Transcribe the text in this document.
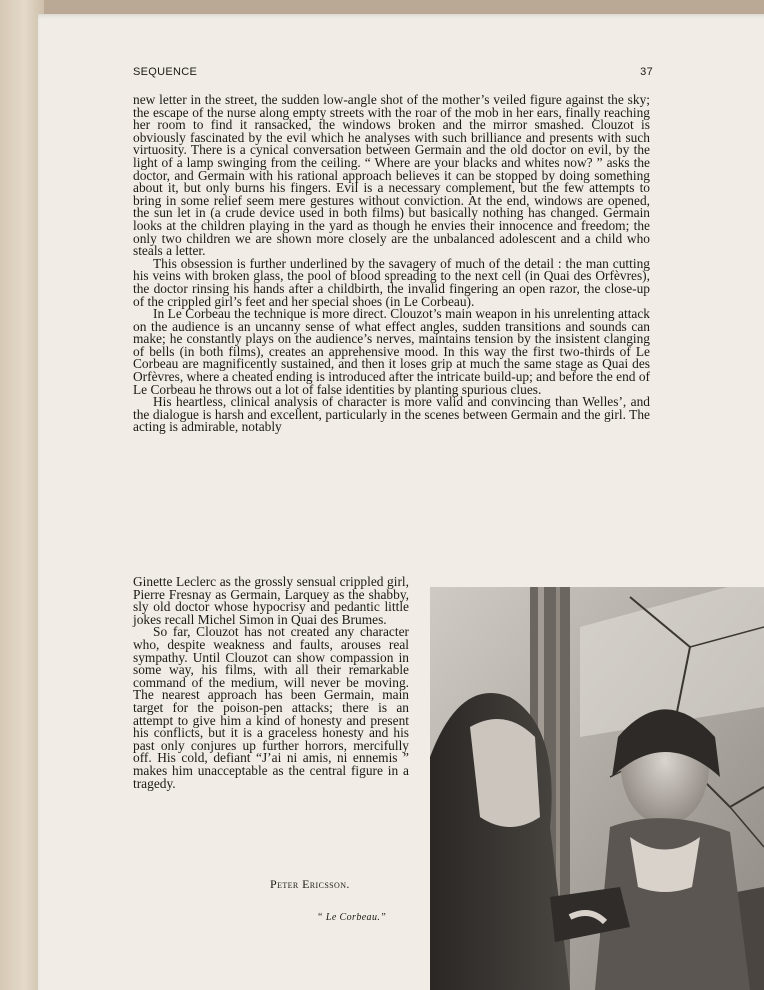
SEQUENCE	37

new letter in the street, the sudden low-angle shot of the mother’s veiled figure against the sky; the escape of the nurse along empty streets with the roar of the mob in her ears, finally reaching her room to find it ransacked, the windows broken and the mirror smashed. Clouzot is obviously fascinated by the evil which he analyses with such brilliance and presents with such virtuosity. There is a cynical conversation between Germain and the old doctor on evil, by the light of a lamp swinging from the ceiling. “ Where are your blacks and whites now? ” asks the doctor, and Germain with his rational approach believes it can be stopped by doing something about it, but only burns his fingers. Evil is a necessary complement, but the few attempts to bring in some relief seem mere gestures without conviction. At the end, windows are opened, the sun let in (a crude device used in both films) but basically nothing has changed. Germain looks at the children playing in the yard as though he envies their innocence and freedom; the only two children we are shown more closely are the unbalanced adolescent and a child who steals a letter.

This obsession is further underlined by the savagery of much of the detail : the man cutting his veins with broken glass, the pool of blood spreading to the next cell (in Quai des Orfèvres), the doctor rinsing his hands after a childbirth, the invalid fingering an open razor, the close-up of the crippled girl’s feet and her special shoes (in Le Corbeau).

In Le Corbeau the technique is more direct. Clouzot’s main weapon in his unrelenting attack on the audience is an uncanny sense of what effect angles, sudden transitions and sounds can make; he constantly plays on the audience’s nerves, maintains tension by the insistent clanging of bells (in both films), creates an apprehensive mood. In this way the first two-thirds of Le Corbeau are magnificently sustained, and then it loses grip at much the same stage as Quai des Orfèvres, where a cheated ending is introduced after the intricate build-up; and before the end of Le Corbeau he throws out a lot of false identities by planting spurious clues.

His heartless, clinical analysis of character is more valid and convincing than Welles’, and the dialogue is harsh and excellent, particularly in the scenes between Germain and the girl. The acting is admirable, notably

Ginette Leclerc as the grossly sensual crippled girl, Pierre Fresnay as Germain, Larquey as the shabby, sly old doctor whose hypocrisy and pedantic little jokes recall Michel Simon in Quai des Brumes.

So far, Clouzot has not created any character who, despite weakness and faults, arouses real sympathy. Until Clouzot can show compassion in some way, his films, with all their remarkable command of the medium, will never be moving. The nearest approach has been Germain, main target for the poison-pen attacks; there is an attempt to give him a kind of honesty and present his conflicts, but it is a graceless honesty and his past only conjures up further horrors, mercifully off. His cold, defiant “J’ai ni amis, ni ennemis ” makes him unacceptable as the central figure in a tragedy.

Peter Ericsson.
“ Le Corbeau.”
